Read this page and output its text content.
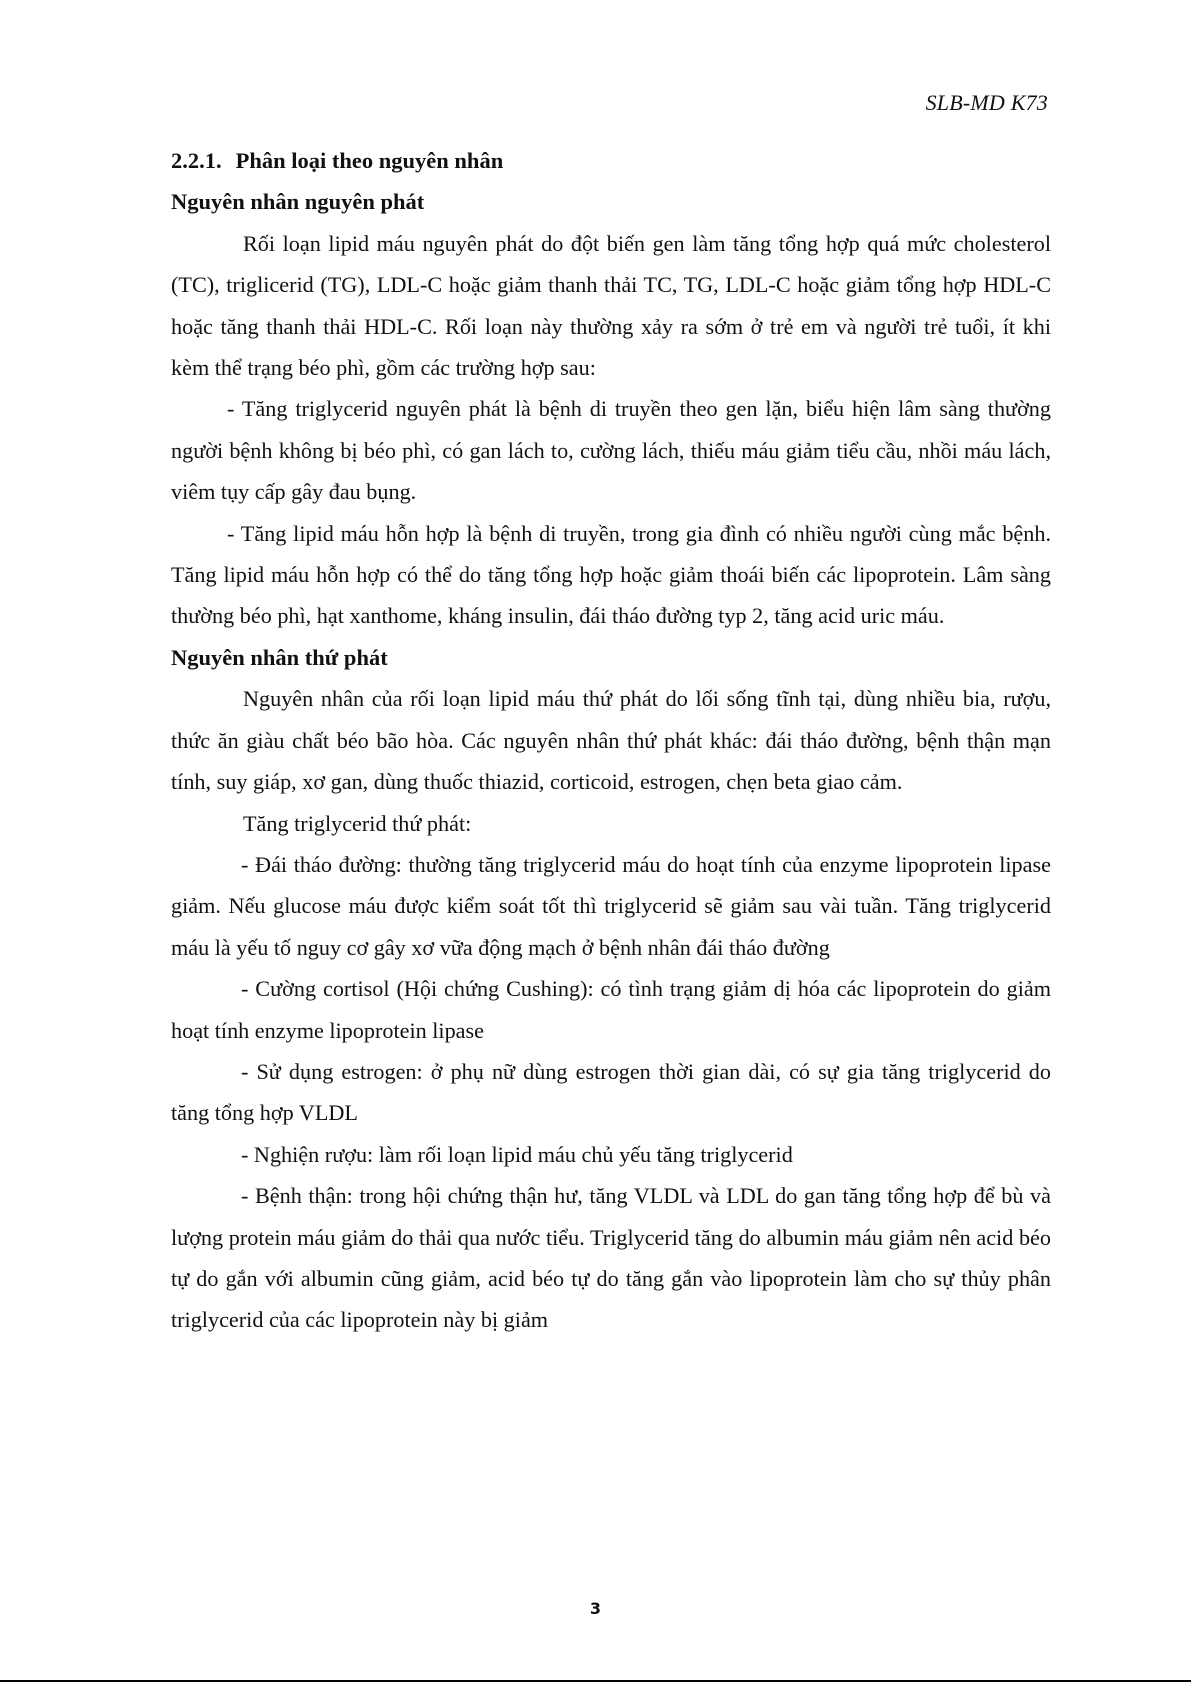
SLB-MD K73
2.2.1. Phân loại theo nguyên nhân
Nguyên nhân nguyên phát

Rối loạn lipid máu nguyên phát do đột biến gen làm tăng tổng hợp quá mức cholesterol (TC), triglicerid (TG), LDL-C hoặc giảm thanh thải TC, TG, LDL-C hoặc giảm tổng hợp HDL-C hoặc tăng thanh thải HDL-C. Rối loạn này thường xảy ra sớm ở trẻ em và người trẻ tuổi, ít khi kèm thể trạng béo phì, gồm các trường hợp sau:

- Tăng triglycerid nguyên phát là bệnh di truyền theo gen lặn, biểu hiện lâm sàng thường người bệnh không bị béo phì, có gan lách to, cường lách, thiếu máu giảm tiểu cầu, nhồi máu lách, viêm tụy cấp gây đau bụng.

- Tăng lipid máu hỗn hợp là bệnh di truyền, trong gia đình có nhiều người cùng mắc bệnh. Tăng lipid máu hỗn hợp có thể do tăng tổng hợp hoặc giảm thoái biến các lipoprotein. Lâm sàng thường béo phì, hạt xanthome, kháng insulin, đái tháo đường typ 2, tăng acid uric máu.

Nguyên nhân thứ phát

Nguyên nhân của rối loạn lipid máu thứ phát do lối sống tĩnh tại, dùng nhiều bia, rượu, thức ăn giàu chất béo bão hòa. Các nguyên nhân thứ phát khác: đái tháo đường, bệnh thận mạn tính, suy giáp, xơ gan, dùng thuốc thiazid, corticoid, estrogen, chẹn beta giao cảm.

Tăng triglycerid thứ phát:

- Đái tháo đường: thường tăng triglycerid máu do hoạt tính của enzyme lipoprotein lipase giảm. Nếu glucose máu được kiểm soát tốt thì triglycerid sẽ giảm sau vài tuần. Tăng triglycerid máu là yếu tố nguy cơ gây xơ vữa động mạch ở bệnh nhân đái tháo đường

- Cường cortisol (Hội chứng Cushing): có tình trạng giảm dị hóa các lipoprotein do giảm hoạt tính enzyme lipoprotein lipase

- Sử dụng estrogen: ở phụ nữ dùng estrogen thời gian dài, có sự gia tăng triglycerid do tăng tổng hợp VLDL

- Nghiện rượu: làm rối loạn lipid máu chủ yếu tăng triglycerid

- Bệnh thận: trong hội chứng thận hư, tăng VLDL và LDL do gan tăng tổng hợp để bù và lượng protein máu giảm do thải qua nước tiểu. Triglycerid tăng do albumin máu giảm nên acid béo tự do gắn với albumin cũng giảm, acid béo tự do tăng gắn vào lipoprotein làm cho sự thủy phân triglycerid của các lipoprotein này bị giảm

3
